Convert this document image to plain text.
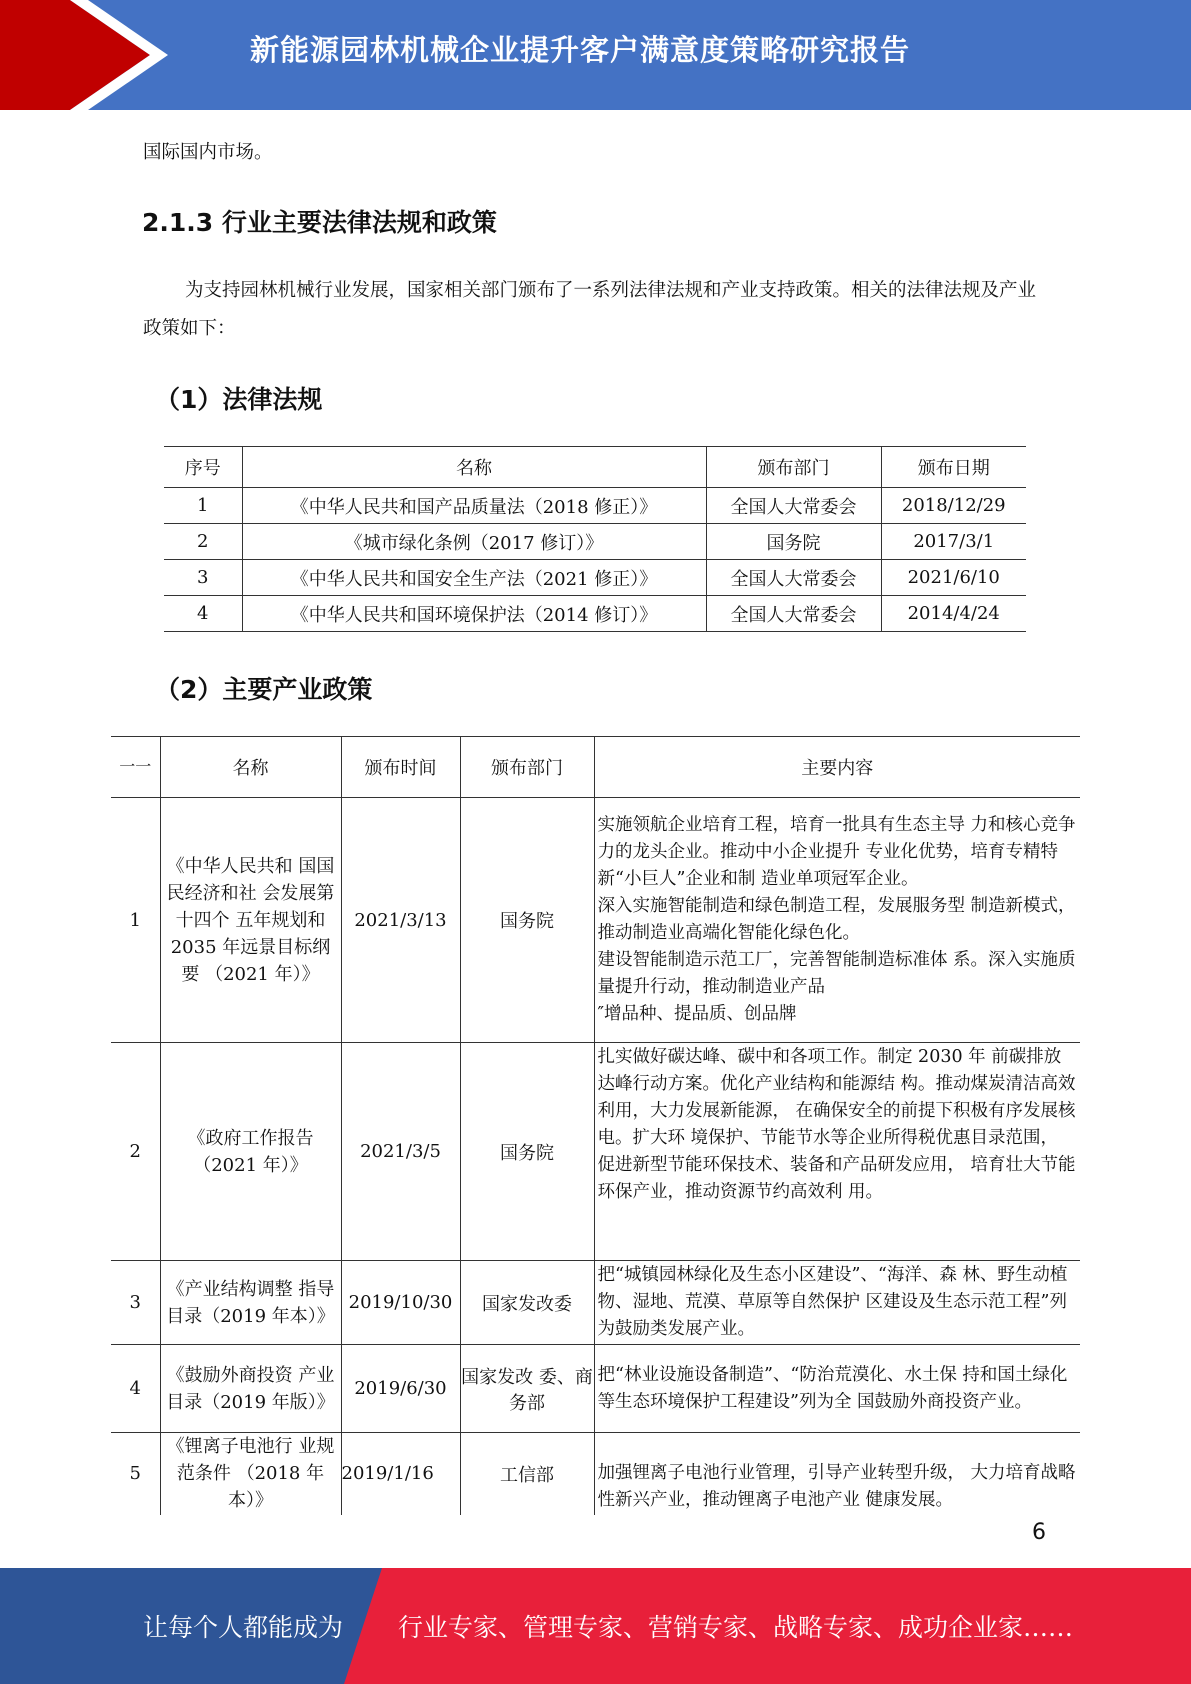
新能源园林机械企业提升客户满意度策略研究报告
国际国内市场。
2.1.3 行业主要法律法规和政策
为支持园林机械行业发展，国家相关部门颁布了一系列法律法规和产业支持政策。相关的法律法规及产业政策如下：
（1）法律法规
序号	名称	颁布部门	颁布日期
1	《中华人民共和国产品质量法（2018 修正）》	全国人大常委会	2018/12/29
2	《城市绿化条例（2017 修订）》	国务院	2017/3/1
3	《中华人民共和国安全生产法（2021 修正）》	全国人大常委会	2021/6/10
4	《中华人民共和国环境保护法（2014 修订）》	全国人大常委会	2014/4/24
（2）主要产业政策
一一	名称	颁布时间	颁布部门	主要内容
1	《中华人民共和 国国民经济和社 会发展第十四个 五年规划和 2035 年远景目标纲要 （2021 年）》	2021/3/13	国务院	实施领航企业培育工程，培育一批具有生态主导 力和核心竞争力的龙头企业。推动中小企业提升 专业化优势，培育专精特新“小巨人”企业和制 造业单项冠军企业。
深入实施智能制造和绿色制造工程，发展服务型 制造新模式，推动制造业高端化智能化绿色化。
建设智能制造示范工厂，完善智能制造标准体 系。深入实施质量提升行动，推动制造业产品
″增品种、提品质、创品牌
2	《政府工作报告 （2021 年）》	2021/3/5	国务院	扎实做好碳达峰、碳中和各项工作。制定 2030 年 前碳排放达峰行动方案。优化产业结构和能源结 构。推动煤炭清洁高效利用，大力发展新能源， 在确保安全的前提下积极有序发展核电。扩大环 境保护、节能节水等企业所得税优惠目录范围， 促进新型节能环保技术、装备和产品研发应用， 培育壮大节能环保产业，推动资源节约高效利 用。
3	《产业结构调整 指导目录（2019 年本）》	2019/10/30	国家发改委	把“城镇园林绿化及生态小区建设”、“海洋、森 林、野生动植物、湿地、荒漠、草原等自然保护 区建设及生态示范工程”列为鼓励类发展产业。
4	《鼓励外商投资 产业目录（2019 年版）》	2019/6/30	国家发改 委、商务部	把“林业设施设备制造”、“防治荒漠化、水土保 持和国土绿化等生态环境保护工程建设”列为全 国鼓励外商投资产业。
5	《锂离子电池行 业规范条件 （2018 年本）》	2019/1/16	工信部	加强锂离子电池行业管理，引导产业转型升级， 大力培育战略性新兴产业，推动锂离子电池产业 健康发展。
6
让每个人都能成为 行业专家、管理专家、营销专家、战略专家、成功企业家……
